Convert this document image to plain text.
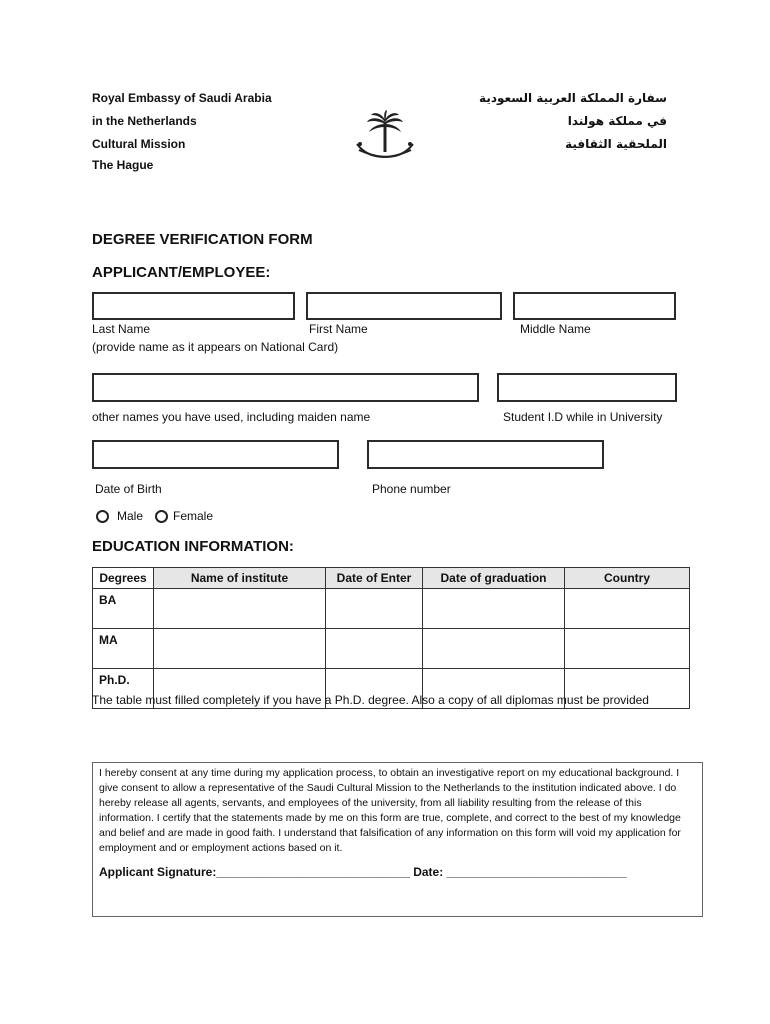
Royal Embassy of Saudi Arabia
in the Netherlands
Cultural Mission
The Hague
سفارة المملكة العربية السعودية
في مملكة هولندا
الملحقية الثقافية
DEGREE VERIFICATION FORM
APPLICANT/EMPLOYEE:
Last Name	First Name	Middle Name
(provide name as it appears on National Card)
other names you have used, including maiden name	Student I.D while in University
Date of Birth	Phone number
Male Female
EDUCATION INFORMATION:
Degrees	Name of institute	Date of Enter	Date of graduation	Country
BA				
MA				
Ph.D.				
The table must filled completely if you have a Ph.D. degree. Also a copy of all diplomas must be provided
I hereby consent at any time during my application process, to obtain an investigative report on my educational background. I give consent to allow a representative of the Saudi Cultural Mission to the Netherlands to the institution indicated above. I do hereby release all agents, servants, and employees of the university, from all liability resulting from the release of this information. I certify that the statements made by me on this form are true, complete, and correct to the best of my knowledge and belief and are made in good faith. I understand that falsification of any information on this form will void my application for employment and or employment actions based on it.
Applicant Signature:_____________________________ Date: ___________________________
